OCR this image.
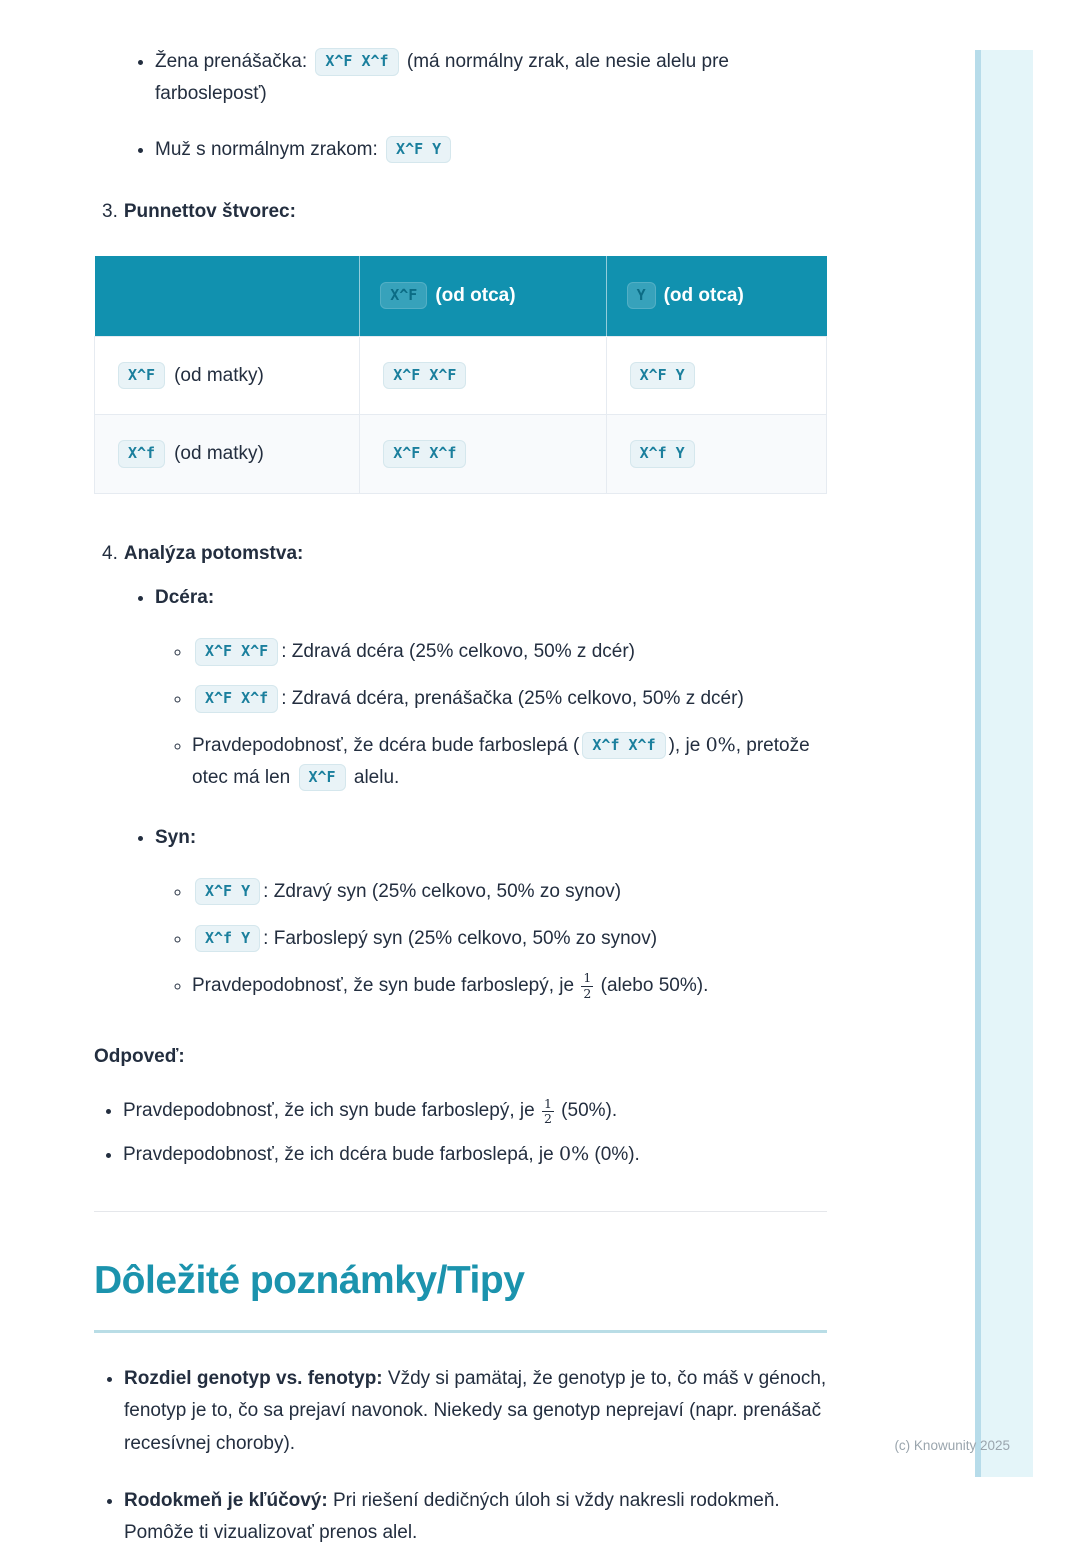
• Žena prenášačka: X^F X^f (má normálny zrak, ale nesie alelu pre farbosleposť)
• Muž s normálnym zrakom: X^F Y
3. Punnettov štvorec:
	X^F (od otca)	Y (od otca)
X^F (od matky)	X^F X^F	X^F Y
X^f (od matky)	X^F X^f	X^f Y
4. Analýza potomstva:
• Dcéra:
◦ X^F X^F : Zdravá dcéra (25% celkovo, 50% z dcér)
◦ X^F X^f : Zdravá dcéra, prenášačka (25% celkovo, 50% z dcér)
◦ Pravdepodobnosť, že dcéra bude farboslepá ( X^f X^f ), je 0%, pretože otec má len X^F alelu.
• Syn:
◦ X^F Y : Zdravý syn (25% celkovo, 50% zo synov)
◦ X^f Y : Farboslepý syn (25% celkovo, 50% zo synov)
◦ Pravdepodobnosť, že syn bude farboslepý, je $\frac{1}{2}$ (alebo 50%).
Odpoveď:
• Pravdepodobnosť, že ich syn bude farboslepý, je $\frac{1}{2} (50\%)$.
• Pravdepodobnosť, že ich dcéra bude farboslepá, je 0% (0%).
Dôležité poznámky/Tipy
• Rozdiel genotyp vs. fenotyp: Vždy si pamätaj, že genotyp je to, čo máš v génoch, fenotyp je to, čo sa prejaví navonok. Niekedy sa genotyp neprejaví (napr. prenášač recesívnej choroby).
• Rodokmeň je kľúčový: Pri riešení dedičných úloh si vždy nakresli rodokmeň. Pomôže ti vizualizovať prenos alel.
(c) Knowunity 2025
